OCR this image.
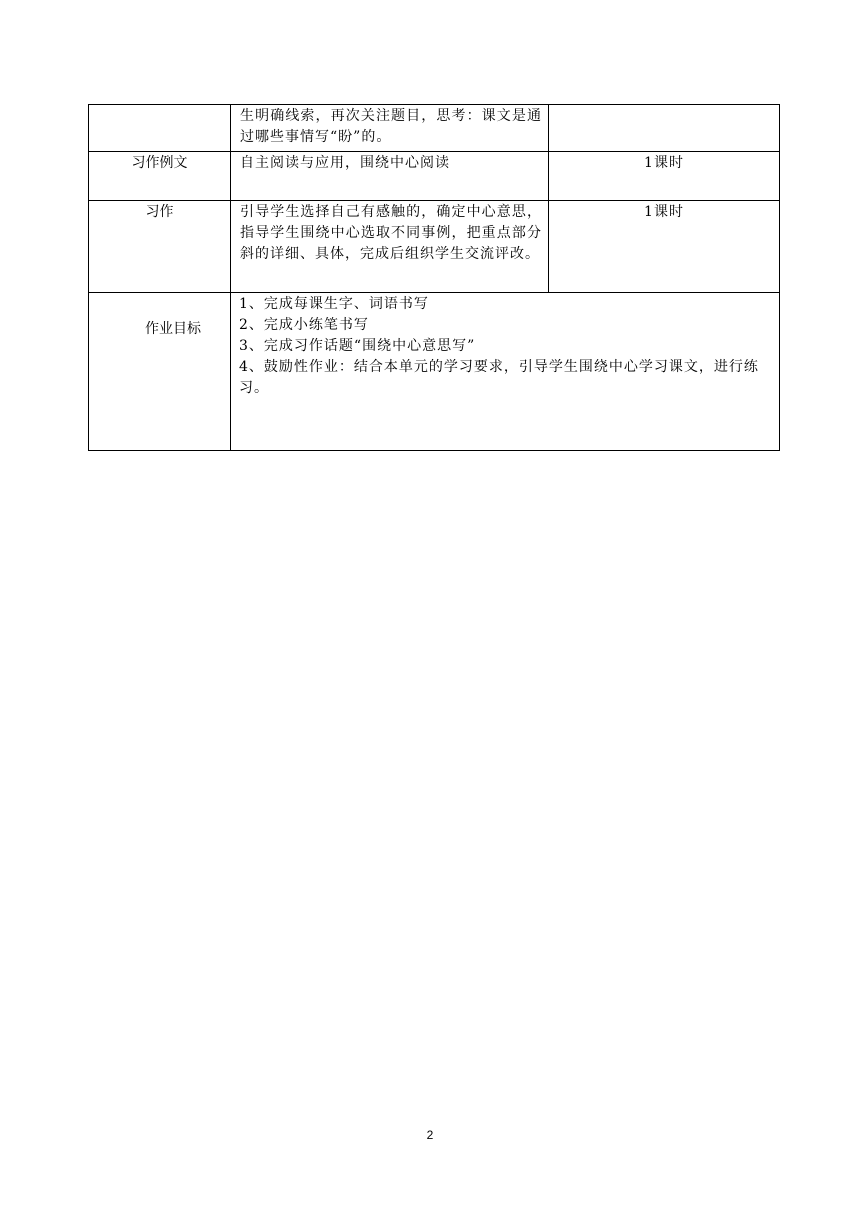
	生明确线索，再次关注题目，思考：课文是通过哪些事情写“盼”的。	

习作例文	自主阅读与应用，围绕中心阅读	1课时

习作	引导学生选择自己有感触的，确定中心意思，指导学生围绕中心选取不同事例，把重点部分斜的详细、具体，完成后组织学生交流评改。	1课时

作业目标	1、完成每课生字、词语书写
2、完成小练笔书写
3、完成习作话题“围绕中心意思写”
4、鼓励性作业：结合本单元的学习要求，引导学生围绕中心学习课文，进行练习。	
2
